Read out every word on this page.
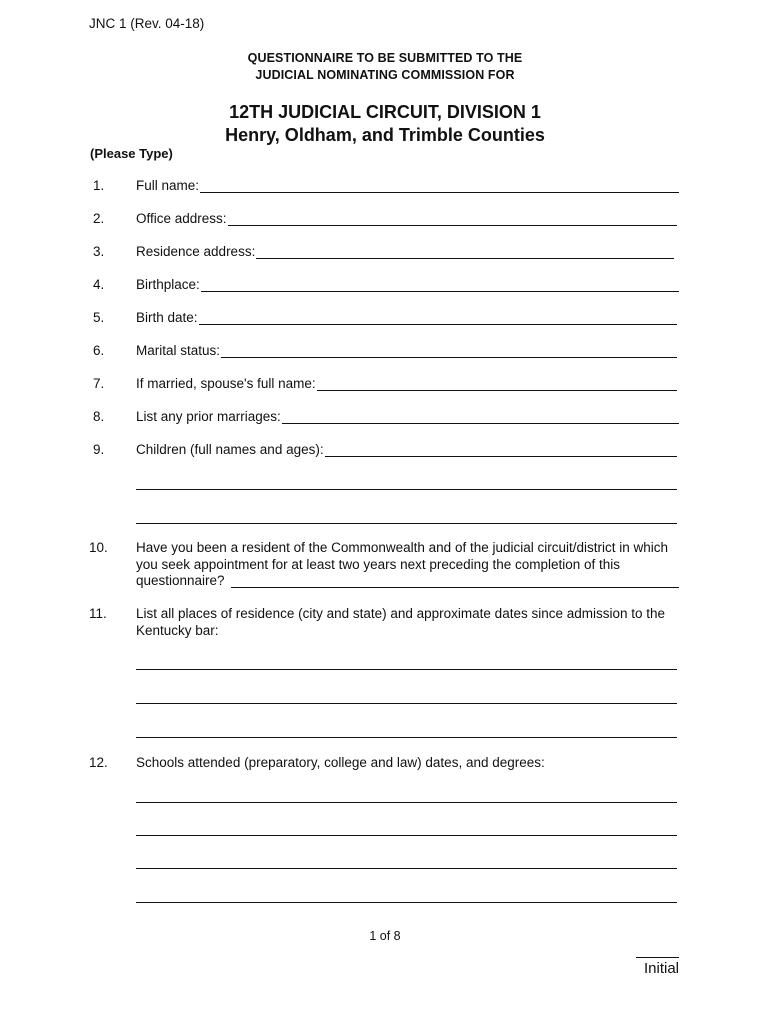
JNC 1 (Rev. 04-18)
QUESTIONNAIRE TO BE SUBMITTED TO THE
JUDICIAL NOMINATING COMMISSION FOR
12TH JUDICIAL CIRCUIT, DIVISION 1
Henry, Oldham, and Trimble Counties
(Please Type)
1. Full name:
2. Office address:
3. Residence address:
4. Birthplace:
5. Birth date:
6. Marital status:
7. If married, spouse's full name:
8. List any prior marriages:
9. Children (full names and ages):
10. Have you been a resident of the Commonwealth and of the judicial circuit/district in which you seek appointment for at least two years next preceding the completion of this
questionnaire?
11. List all places of residence (city and state) and approximate dates since admission to the Kentucky bar:
12. Schools attended (preparatory, college and law) dates, and degrees:
1 of 8
Initial
